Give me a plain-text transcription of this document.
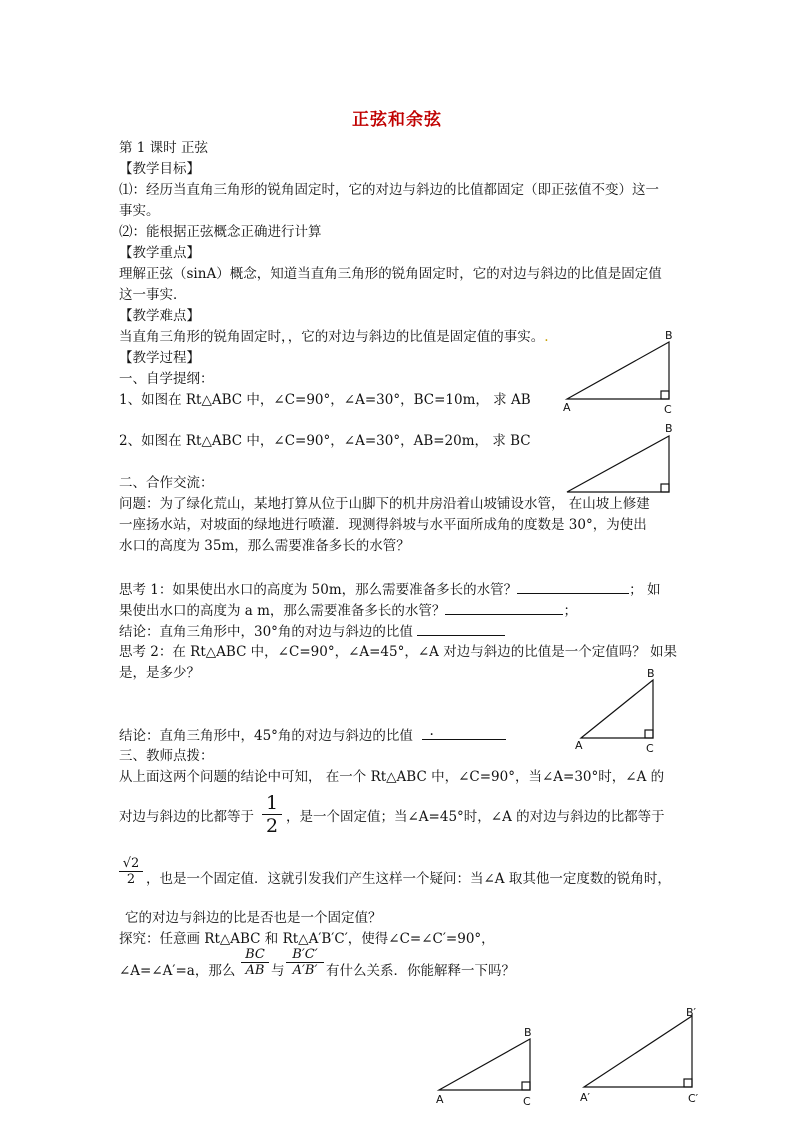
正弦和余弦
第 1 课时 正弦
【教学目标】
⑴：经历当直角三角形的锐角固定时，它的对边与斜边的比值都固定（即正弦值不变）这一
事实。
⑵：能根据正弦概念正确进行计算
【教学重点】
理解正弦（sinA）概念，知道当直角三角形的锐角固定时，它的对边与斜边的比值是固定值
这一事实．
【教学难点】
当直角三角形的锐角固定时，，它的对边与斜边的比值是固定值的事实。.
【教学过程】
一、自学提纲：
1、如图在 Rt△ABC 中，∠C=90°，∠A=30°，BC=10m， 求 AB
2、如图在 Rt△ABC 中，∠C=90°，∠A=30°，AB=20m， 求 BC
二、合作交流：
问题：为了绿化荒山，某地打算从位于山脚下的机井房沿着山坡铺设水管， 在山坡上修建
一座扬水站，对坡面的绿地进行喷灌．现测得斜坡与水平面所成角的度数是 30°，为使出
水口的高度为 35m，那么需要准备多长的水管？
思考 1：如果使出水口的高度为 50m，那么需要准备多长的水管？	； 如
果使出水口的高度为 a m，那么需要准备多长的水管？	；
结论：直角三角形中，30°角的对边与斜边的比值
思考 2：在 Rt△ABC 中，∠C=90°，∠A=45°，∠A 对边与斜边的比值是一个定值吗？ 如果
是，是多少？
结论：直角三角形中，45°角的对边与斜边的比值 .
三、教师点拨：
从上面这两个问题的结论中可知， 在一个 Rt△ABC 中，∠C=90°，当∠A=30°时，∠A 的
对边与斜边的比都等于
1
2 ，是一个固定值；当∠A=45°时，∠A 的对边与斜边的比都等于
√2
2 ，也是一个固定值．这就引发我们产生这样一个疑问：当∠A 取其他一定度数的锐角时，
它的对边与斜边的比是否也是一个固定值？
探究：任意画 Rt△ABC 和 Rt△A′B′C′，使得∠C=∠C′=90°，
∠A=∠A′=a，那么
BC
AB 与
B′C′
A′B′ 有什么关系．你能解释一下吗？
B
A	C
B
B
A	C
B
A	C
B′
A′	C′
